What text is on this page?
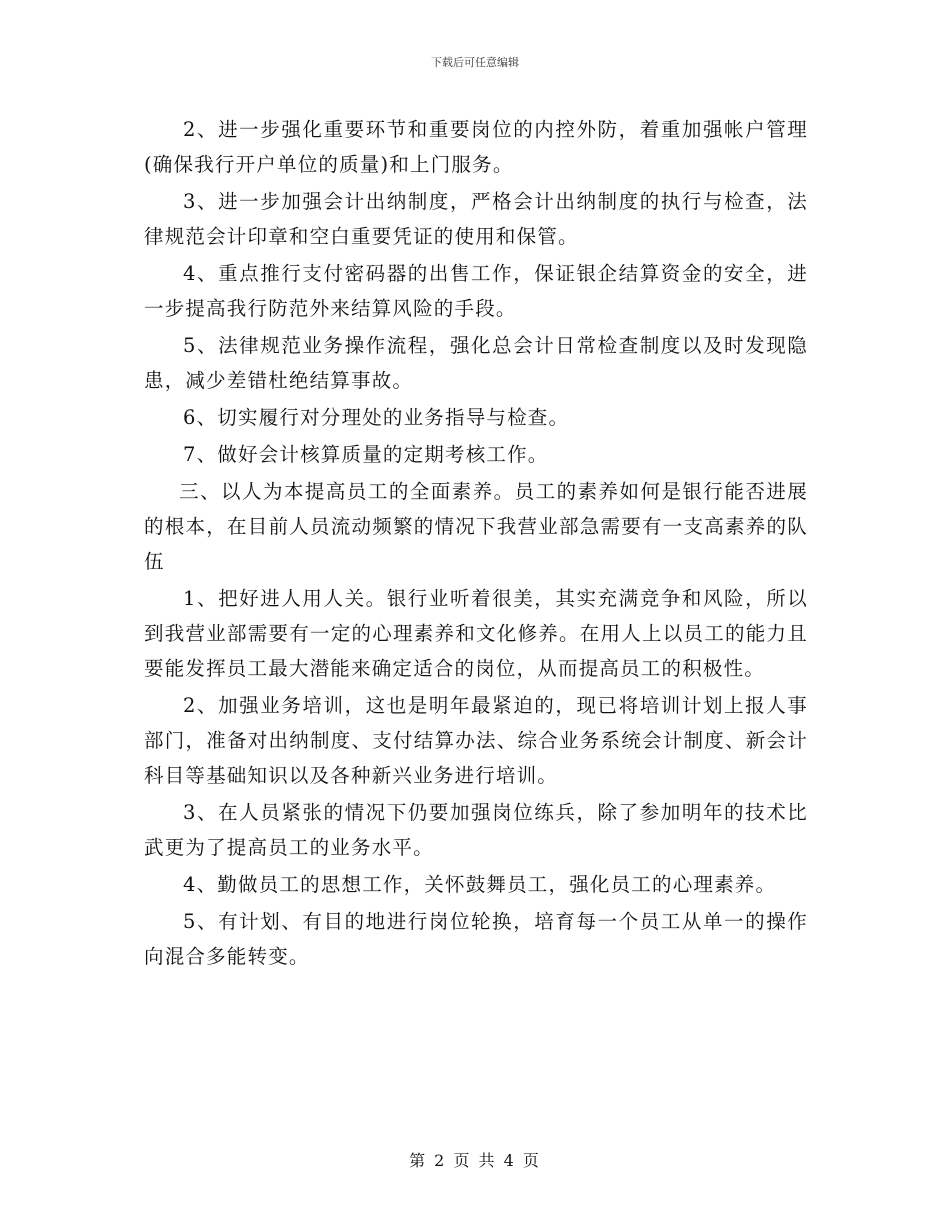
下载后可任意编辑

2、进一步强化重要环节和重要岗位的内控外防，着重加强帐户管理(确保我行开户单位的质量)和上门服务。

3、进一步加强会计出纳制度，严格会计出纳制度的执行与检查，法律规范会计印章和空白重要凭证的使用和保管。

4、重点推行支付密码器的出售工作，保证银企结算资金的安全，进一步提高我行防范外来结算风险的手段。

5、法律规范业务操作流程，强化总会计日常检查制度以及时发现隐患，减少差错杜绝结算事故。

6、切实履行对分理处的业务指导与检查。

7、做好会计核算质量的定期考核工作。

三、以人为本提高员工的全面素养。员工的素养如何是银行能否进展的根本，在目前人员流动频繁的情况下我营业部急需要有一支高素养的队伍

1、把好进人用人关。银行业听着很美，其实充满竞争和风险，所以到我营业部需要有一定的心理素养和文化修养。在用人上以员工的能力且要能发挥员工最大潜能来确定适合的岗位，从而提高员工的积极性。

2、加强业务培训，这也是明年最紧迫的，现已将培训计划上报人事部门，准备对出纳制度、支付结算办法、综合业务系统会计制度、新会计科目等基础知识以及各种新兴业务进行培训。

3、在人员紧张的情况下仍要加强岗位练兵，除了参加明年的技术比武更为了提高员工的业务水平。

4、勤做员工的思想工作，关怀鼓舞员工，强化员工的心理素养。

5、有计划、有目的地进行岗位轮换，培育每一个员工从单一的操作向混合多能转变。

第 2 页 共 4 页
